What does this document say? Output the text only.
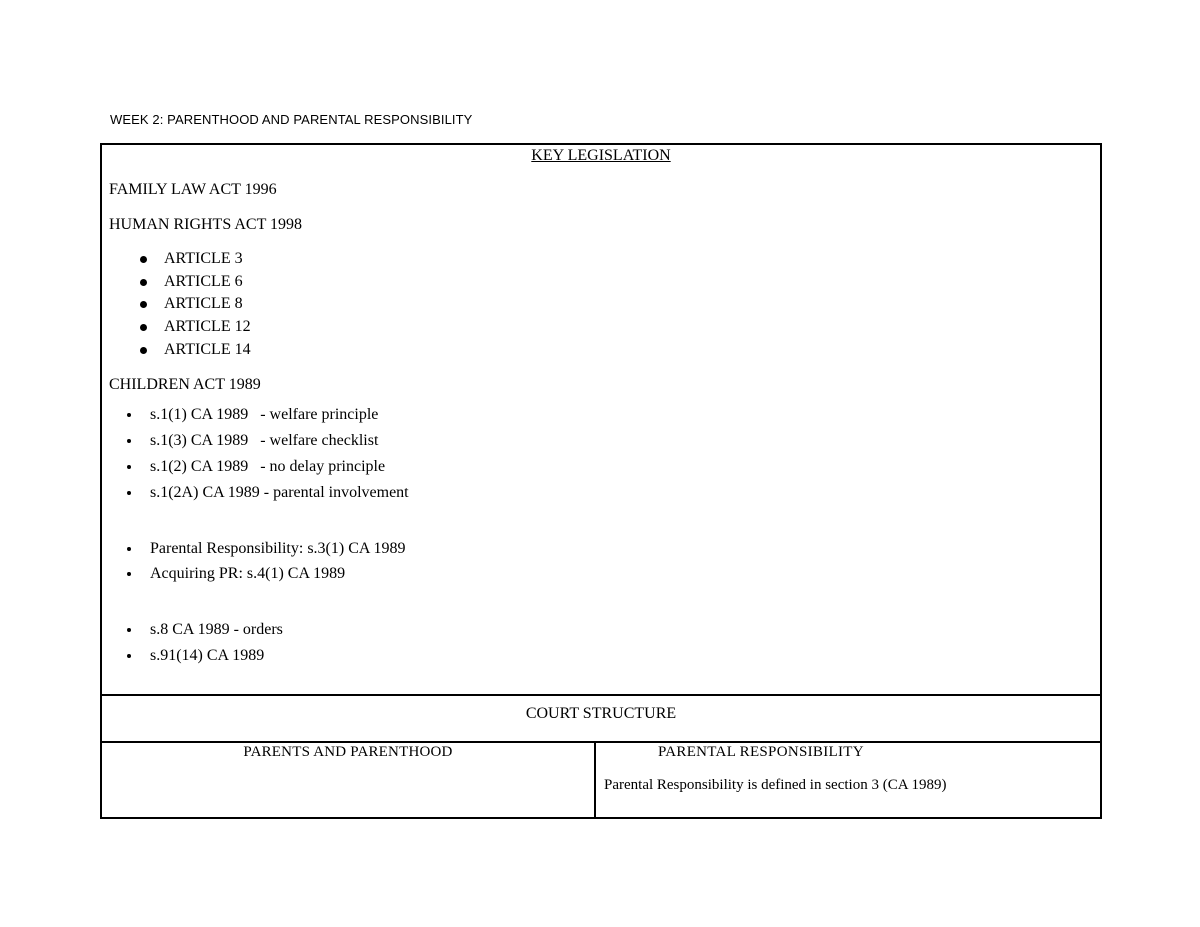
WEEK 2: PARENTHOOD AND PARENTAL RESPONSIBILITY
KEY LEGISLATION
FAMILY LAW ACT 1996
HUMAN RIGHTS ACT 1998
ARTICLE 3
ARTICLE 6
ARTICLE 8
ARTICLE 12
ARTICLE 14
CHILDREN ACT 1989
s.1(1) CA 1989   - welfare principle
s.1(3) CA 1989   - welfare checklist
s.1(2) CA 1989   - no delay principle
s.1(2A) CA 1989 - parental involvement
Parental Responsibility: s.3(1) CA 1989
Acquiring PR: s.4(1) CA 1989
s.8 CA 1989 - orders
s.91(14) CA 1989
COURT STRUCTURE
PARENTS AND PARENTHOOD	PARENTAL RESPONSIBILITY
Parental Responsibility is defined in section 3 (CA 1989)
